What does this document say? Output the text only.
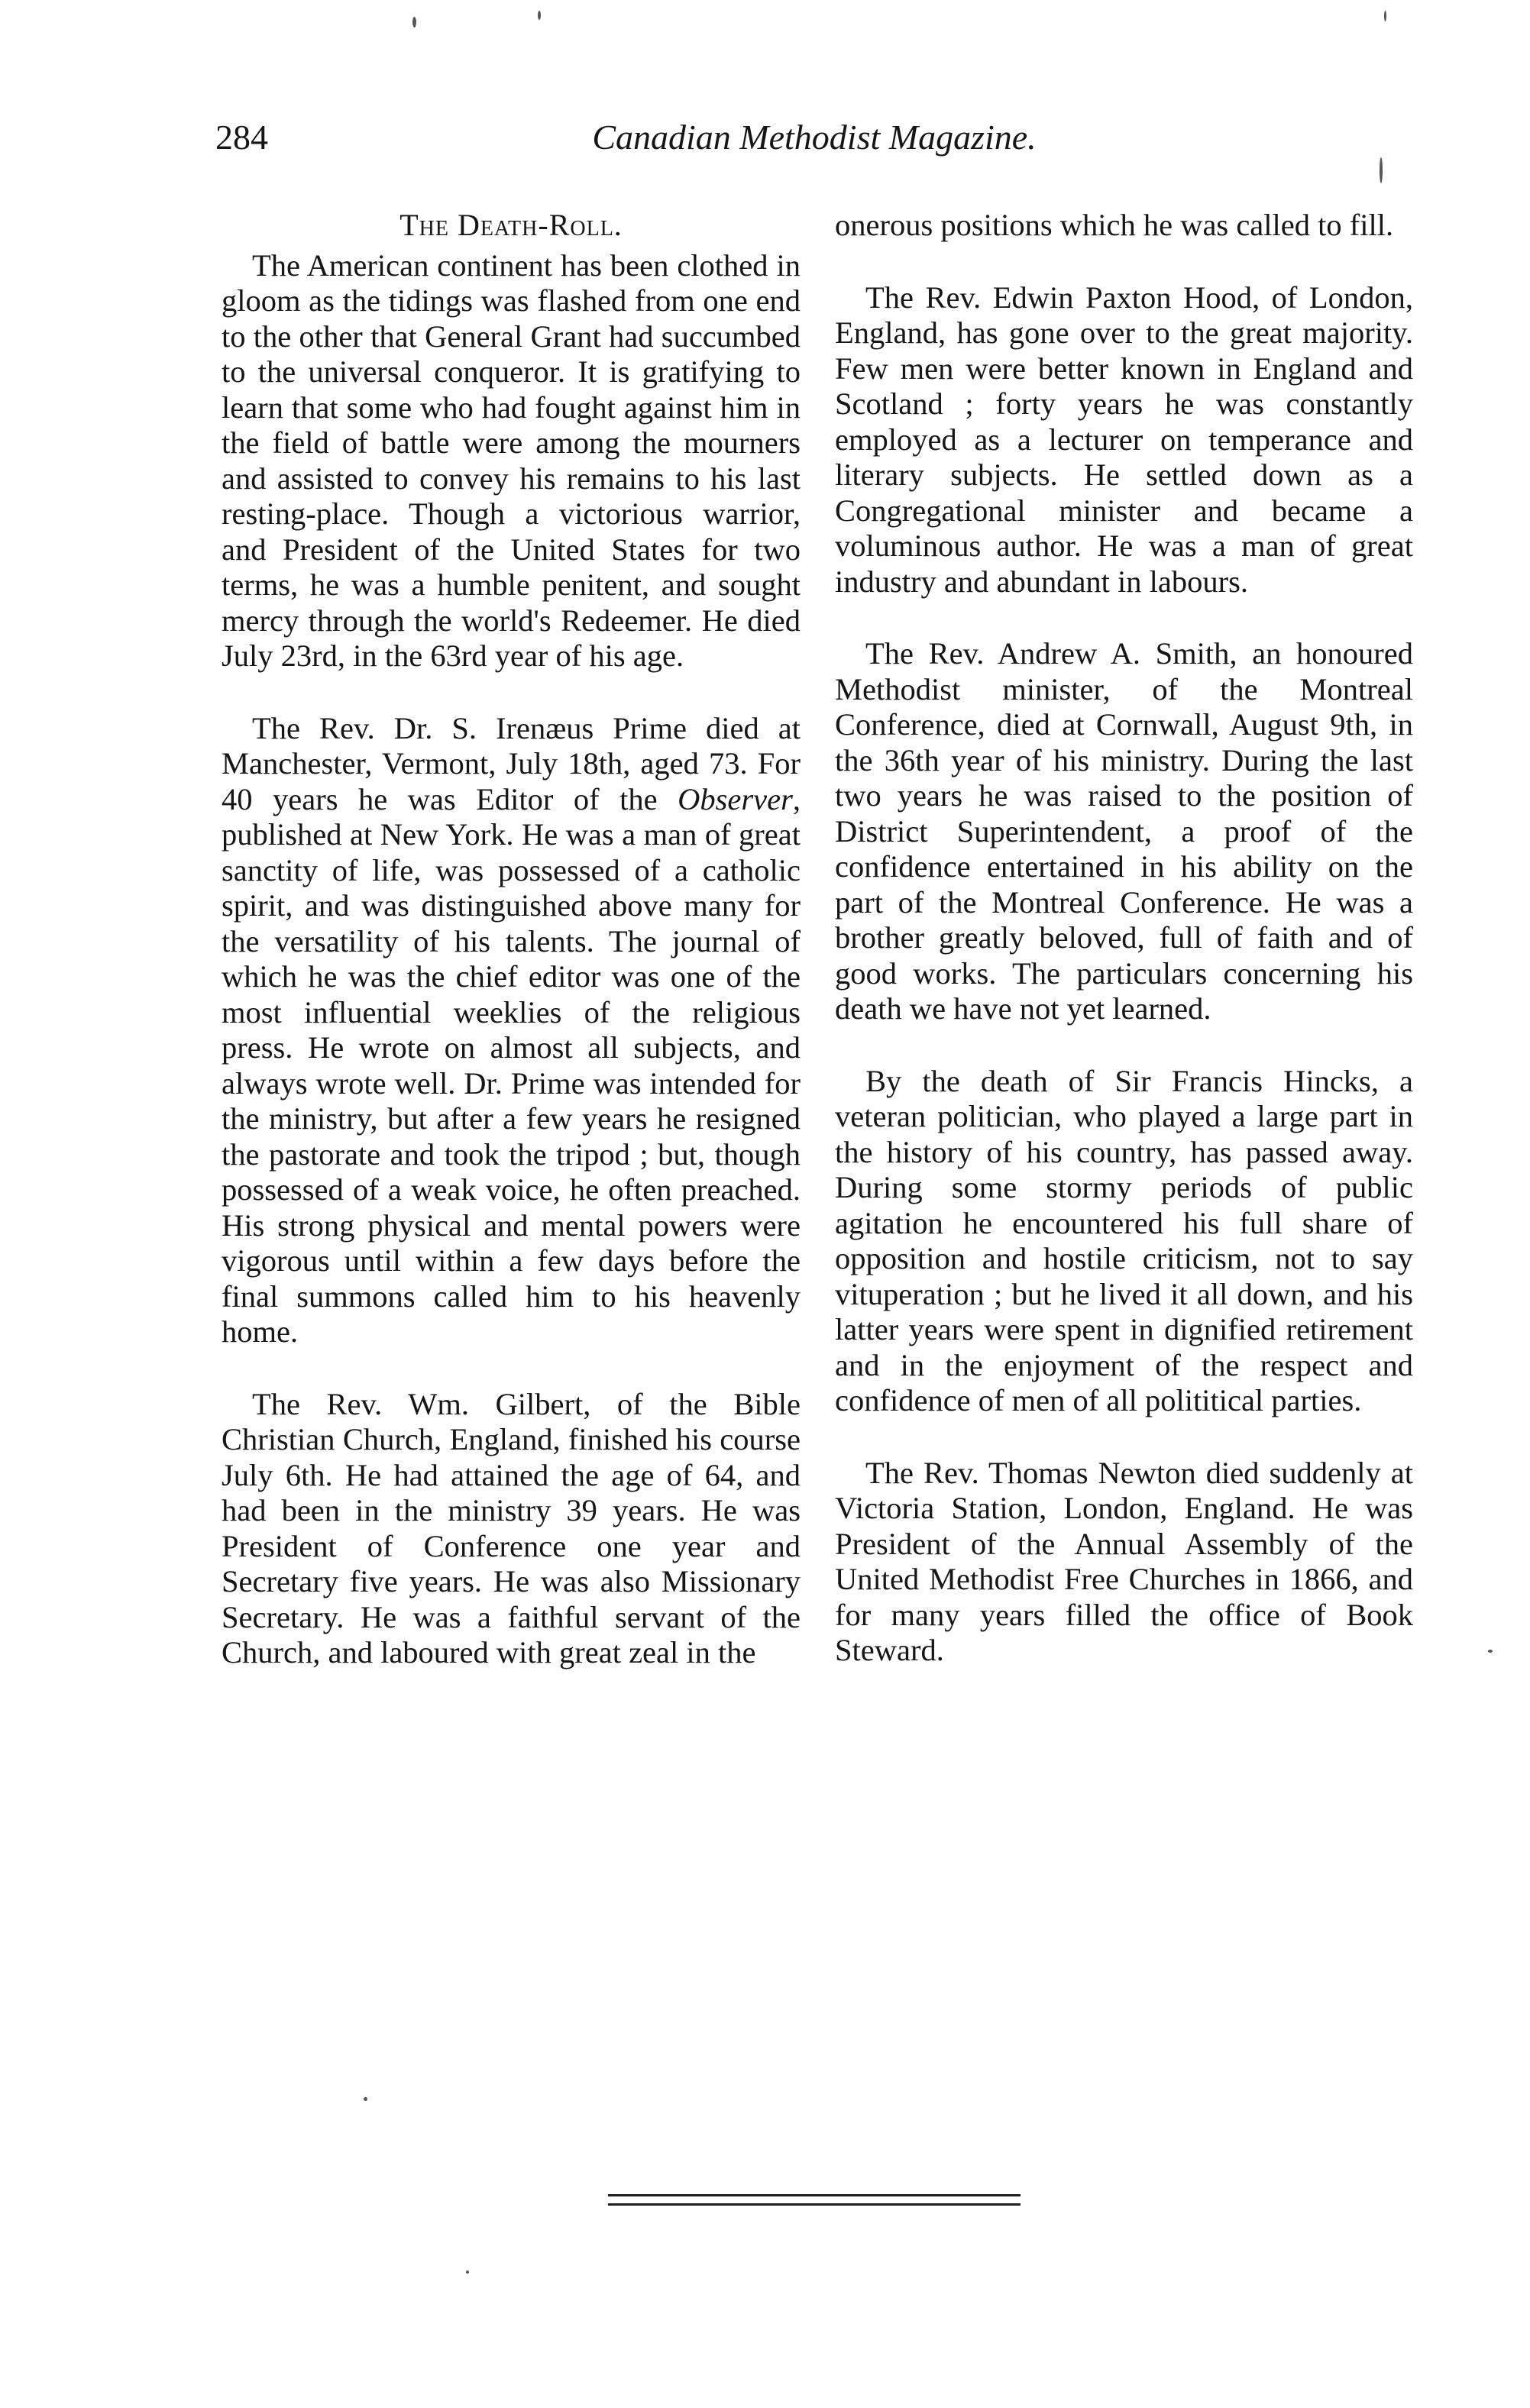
284	Canadian Methodist Magazine.
The Death-Roll.

The American continent has been clothed in gloom as the tidings was flashed from one end to the other that General Grant had succumbed to the universal conqueror. It is gratifying to learn that some who had fought against him in the field of battle were among the mourners and assisted to convey his remains to his last resting-place. Though a victorious warrior, and President of the United States for two terms, he was a humble penitent, and sought mercy through the world's Redeemer. He died July 23rd, in the 63rd year of his age.

The Rev. Dr. S. Irenæus Prime died at Manchester, Vermont, July 18th, aged 73. For 40 years he was Editor of the Observer, published at New York. He was a man of great sanctity of life, was possessed of a catholic spirit, and was distinguished above many for the versatility of his talents. The journal of which he was the chief editor was one of the most influential weeklies of the religious press. He wrote on almost all subjects, and always wrote well. Dr. Prime was intended for the ministry, but after a few years he resigned the pastorate and took the tripod ; but, though possessed of a weak voice, he often preached. His strong physical and mental powers were vigorous until within a few days before the final summons called him to his heavenly home.

The Rev. Wm. Gilbert, of the Bible Christian Church, England, finished his course July 6th. He had attained the age of 64, and had been in the ministry 39 years. He was President of Conference one year and Secretary five years. He was also Missionary Secretary. He was a faithful servant of the Church, and laboured with great zeal in the

onerous positions which he was called to fill.

The Rev. Edwin Paxton Hood, of London, England, has gone over to the great majority. Few men were better known in England and Scotland ; forty years he was constantly employed as a lecturer on temperance and literary subjects. He settled down as a Congregational minister and became a voluminous author. He was a man of great industry and abundant in labours.

The Rev. Andrew A. Smith, an honoured Methodist minister, of the Montreal Conference, died at Cornwall, August 9th, in the 36th year of his ministry. During the last two years he was raised to the position of District Superintendent, a proof of the confidence entertained in his ability on the part of the Montreal Conference. He was a brother greatly beloved, full of faith and of good works. The particulars concerning his death we have not yet learned.

By the death of Sir Francis Hincks, a veteran politician, who played a large part in the history of his country, has passed away. During some stormy periods of public agitation he encountered his full share of opposition and hostile criticism, not to say vituperation ; but he lived it all down, and his latter years were spent in dignified retirement and in the enjoyment of the respect and confidence of men of all polititical parties.

The Rev. Thomas Newton died suddenly at Victoria Station, London, England. He was President of the Annual Assembly of the United Methodist Free Churches in 1866, and for many years filled the office of Book Steward.
